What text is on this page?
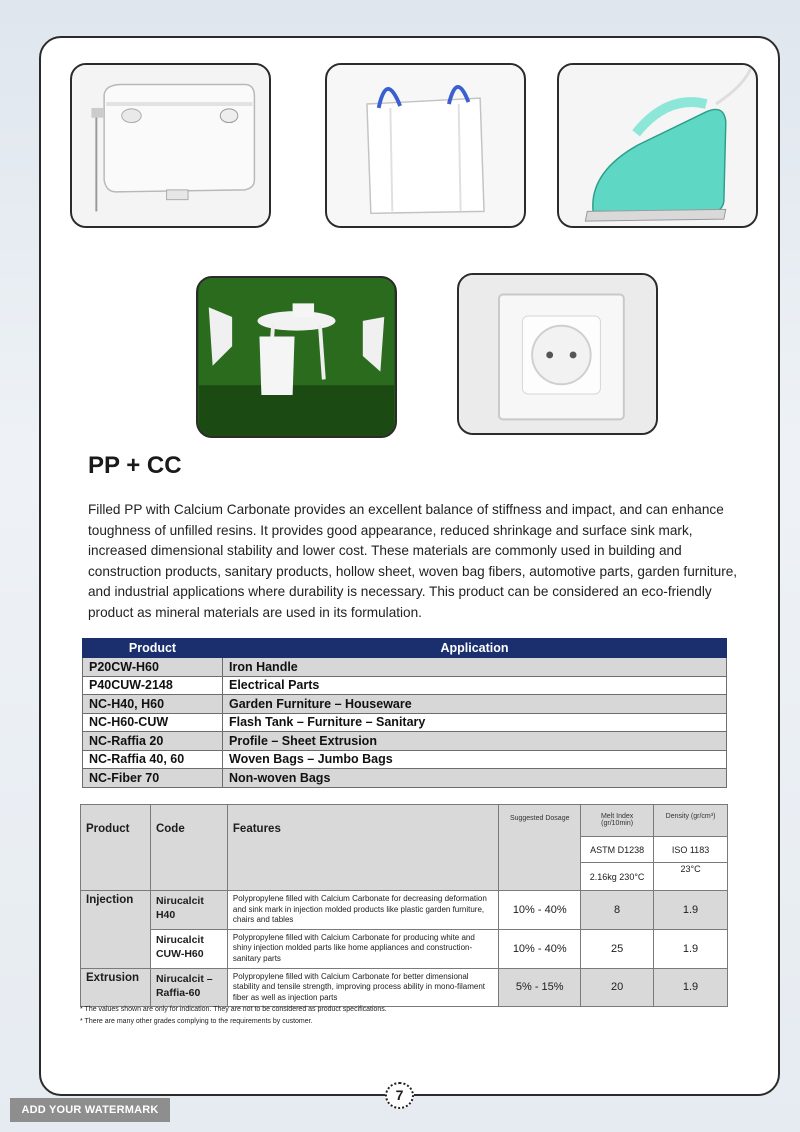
PP + CC

Filled PP with Calcium Carbonate provides an excellent balance of stiffness and impact, and can enhance toughness of unfilled resins. It provides good appearance, reduced shrinkage and surface sink mark, increased dimensional stability and lower cost. These materials are commonly used in building and construction products, sanitary products, hollow sheet, woven bag fibers, automotive parts, garden furniture, and industrial applications where durability is necessary. This product can be considered an eco-friendly product as mineral materials are used in its formulation.

Product	Application
P20CW-H60	Iron Handle
P40CUW-2148	Electrical Parts
NC-H40, H60	Garden Furniture – Houseware
NC-H60-CUW	Flash Tank – Furniture – Sanitary
NC-Raffia 20	Profile – Sheet Extrusion
NC-Raffia 40, 60	Woven Bags – Jumbo Bags
NC-Fiber 70	Non-woven Bags
Product	Code	Features	Suggested Dosage	Melt Index (gr/10min)	Density (gr/cm³)
				ASTM D1238	ISO 1183
				2.16kg 230°C	23°C
Injection	Nirucalcit H40	Polypropylene filled with Calcium Carbonate for decreasing deformation and sink mark in injection molded products like plastic garden furniture, chairs and tables	10% - 40%	8	1.9
	Nirucalcit CUW-H60	Polypropylene filled with Calcium Carbonate for producing white and shiny injection molded parts like home appliances and construction-sanitary parts	10% - 40%	25	1.9
Extrusion	Nirucalcit – Raffia-60	Polypropylene filled with Calcium Carbonate for better dimensional stability and tensile strength, improving process ability in mono-filament fiber as well as injection parts	5% - 15%	20	1.9
* The values shown are only for indication. They are not to be considered as product specifications.
* There are many other grades complying to the requirements by customer.
7
ADD YOUR WATERMARK
